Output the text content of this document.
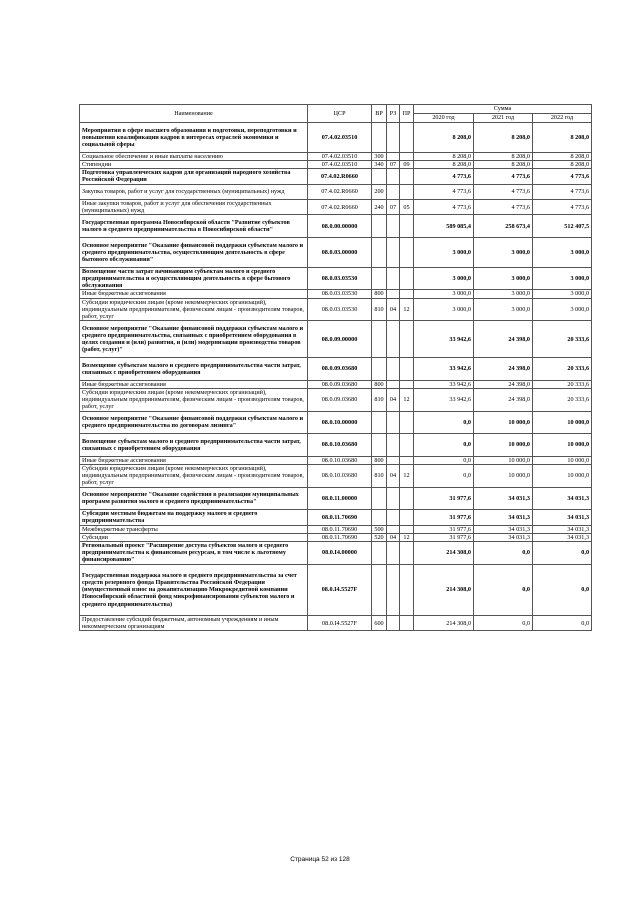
Наименование	ЦСР	ВР	РЗ	ПР	Сумма		
					2020 год	2021 год	2022 год
Мероприятия в сфере высшего образования и подготовки, переподготовки и повышения квалификации кадров в интересах отраслей экономики и социальной сферы	07.4.02.03510				8 208,0	8 208,0	8 208,0
Социальное обеспечение и иные выплаты населению	07.4.02.03510	300			8 208,0	8 208,0	8 208,0
Стипендии	07.4.02.03510	340	07	09	8 208,0	8 208,0	8 208,0
Подготовка управленческих кадров для организаций народного хозяйства Российской Федерации	07.4.02.R0660				4 773,6	4 773,6	4 773,6
Закупка товаров, работ и услуг для государственных (муниципальных) нужд	07.4.02.R0660	200			4 773,6	4 773,6	4 773,6
Иные закупки товаров, работ и услуг для обеспечения государственных (муниципальных) нужд	07.4.02.R0660	240	07	05	4 773,6	4 773,6	4 773,6
Государственная программа Новосибирской области "Развитие субъектов малого и среднего предпринимательства в Новосибирской области"	08.0.00.00000				589 085,4	258 673,4	512 407,5
Основное мероприятие "Оказание финансовой поддержки субъектам малого и среднего предпринимательства, осуществляющим деятельность в сфере бытового обслуживания"	08.0.03.00000				3 000,0	3 000,0	3 000,0
Возмещение части затрат начинающим субъектам малого и среднего предпринимательства и осуществляющим деятельность в сфере бытового обслуживания	08.0.03.03530				3 000,0	3 000,0	3 000,0
Иные бюджетные ассигнования	08.0.03.03530	800			3 000,0	3 000,0	3 000,0
Субсидии юридическим лицам (кроме некоммерческих организаций), индивидуальным предпринимателям, физическим лицам - производителям товаров, работ, услуг	08.0.03.03530	810	04	12	3 000,0	3 000,0	3 000,0
Основное мероприятие "Оказание финансовой поддержки субъектам малого и среднего предпринимательства, связанных с приобретением оборудования в целях создания и (или) развития, и (или) модернизации производства товаров (работ, услуг)"	08.0.09.00000				33 942,6	24 398,0	20 333,6
Возмещение субъектам малого и среднего предпринимательства части затрат, связанных с приобретением оборудования	08.0.09.03680				33 942,6	24 398,0	20 333,6
Иные бюджетные ассигнования	08.0.09.03680	800			33 942,6	24 398,0	20 333,6
Субсидии юридическим лицам (кроме некоммерческих организаций), индивидуальным предпринимателям, физическим лицам - производителям товаров, работ, услуг	08.0.09.03680	810	04	12	33 942,6	24 398,0	20 333,6
Основное мероприятие "Оказание финансовой поддержки субъектам малого и среднего предпринимательства по договорам лизинга"	08.0.10.00000				0,0	10 000,0	10 000,0
Возмещение субъектам малого и среднего предпринимательства части затрат, связанных с приобретением оборудования	08.0.10.03680				0,0	10 000,0	10 000,0
Иные бюджетные ассигнования	08.0.10.03680	800			0,0	10 000,0	10 000,0
Субсидии юридическим лицам (кроме некоммерческих организаций), индивидуальным предпринимателям, физическим лицам - производителям товаров, работ, услуг	08.0.10.03680	810	04	12	0,0	10 000,0	10 000,0
Основное мероприятие "Оказание содействия в реализации муниципальных программ развития малого и среднего предпринимательства"	08.0.11.00000				31 977,6	34 031,3	34 031,3
Субсидии местным бюджетам на поддержку малого и среднего предпринимательства	08.0.11.70690				31 977,6	34 031,3	34 031,3
Межбюджетные трансферты	08.0.11.70690	500			31 977,6	34 031,3	34 031,3
Субсидии	08.0.11.70690	520	04	12	31 977,6	34 031,3	34 031,3
Региональный проект "Расширение доступа субъектов малого и среднего предпринимательства к финансовым ресурсам, в том числе к льготному финансированию"	08.0.I4.00000				214 308,0	0,0	0,0
Государственная поддержка малого и среднего предпринимательства за счет средств резервного фонда Правительства Российской Федерации (имущественный взнос на докапитализацию Микрокредитной компании Новосибирский областной фонд микрофинансирования субъектов малого и среднего предпринимательства)	08.0.I4.5527F				214 308,0	0,0	0,0
Предоставление субсидий бюджетным, автономным учреждениям и иным некоммерческим организациям	08.0.I4.5527F	600			214 308,0	0,0	0,0
Страница 52 из 128
